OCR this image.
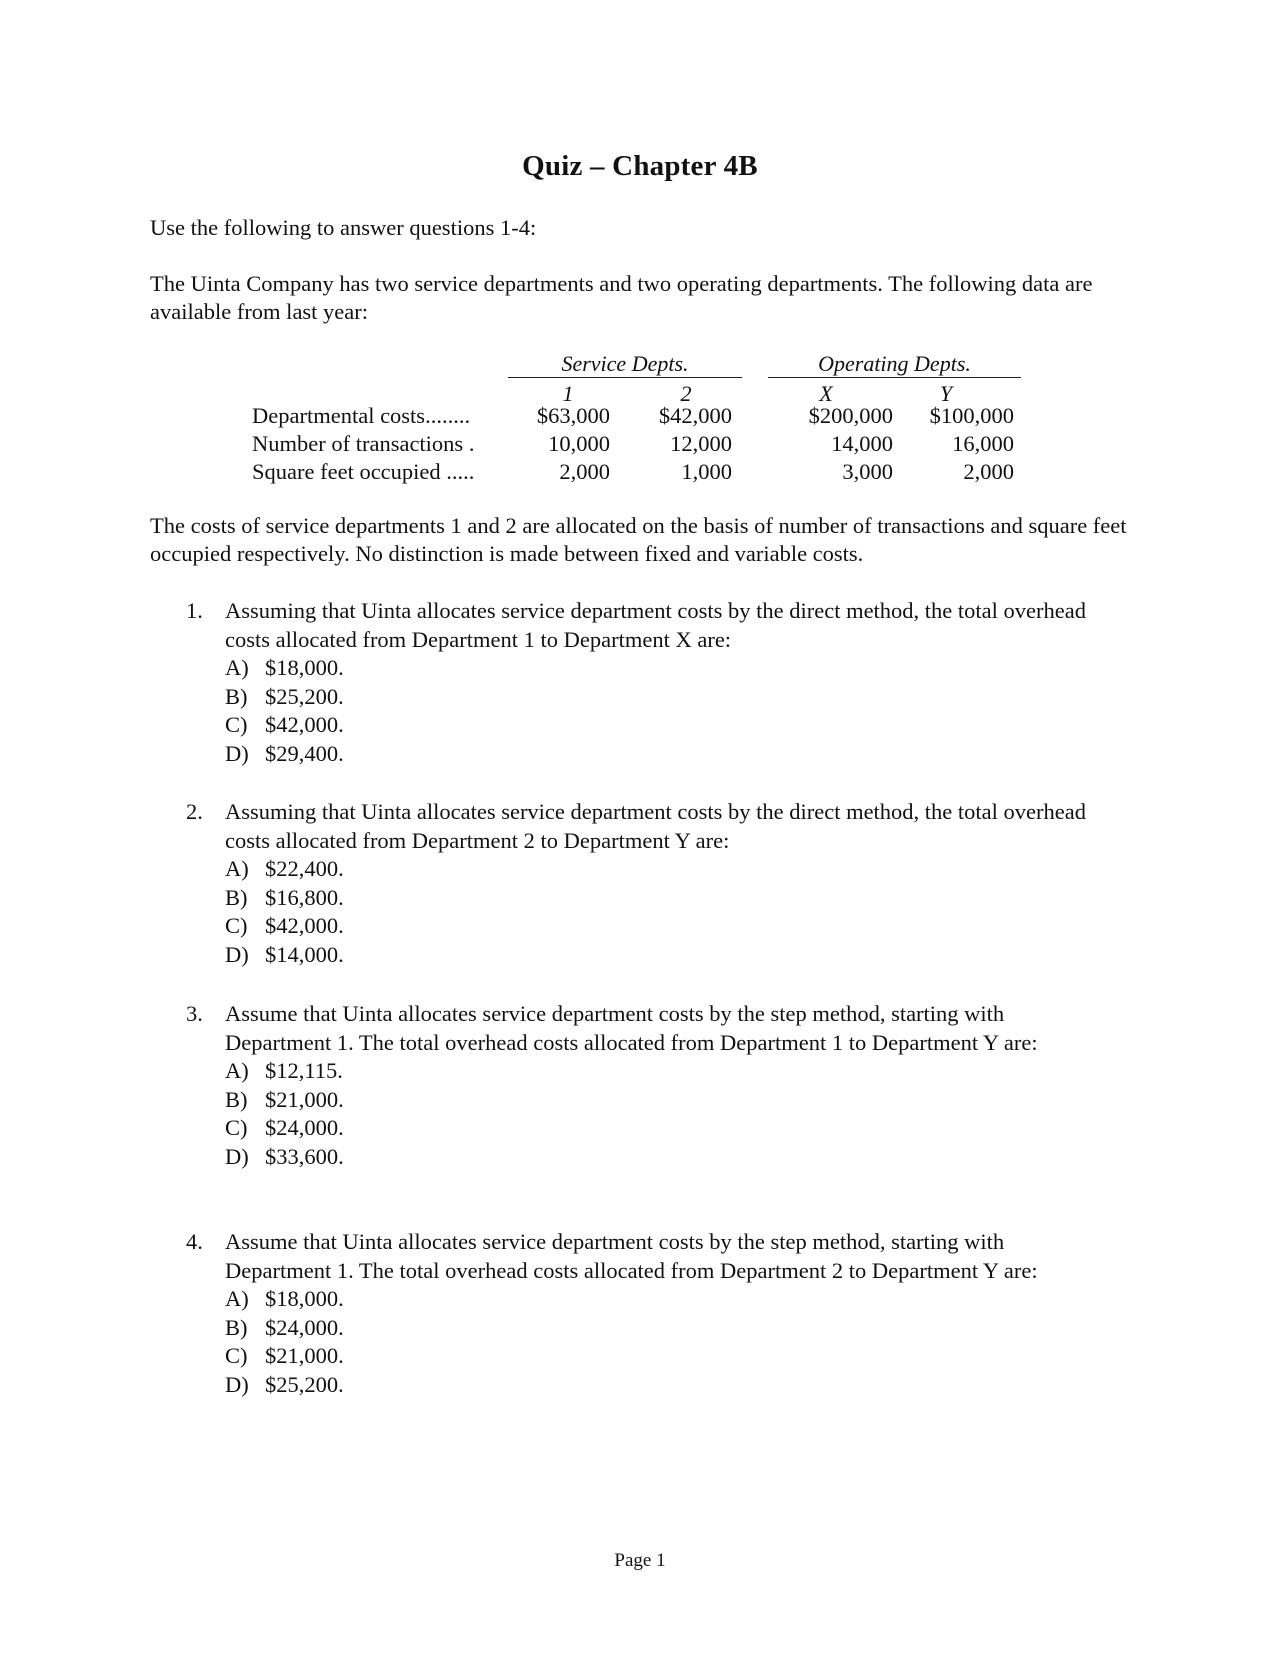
Quiz – Chapter 4B
Use the following to answer questions 1-4:
The Uinta Company has two service departments and two operating departments. The following data are available from last year:
Service Depts.	Operating Depts.
1	2	X	Y
Departmental costs........	$63,000 $42,000	$200,000 $100,000
Number of transactions .	10,000	12,000	14,000	16,000
Square feet occupied .....	2,000	1,000	3,000	2,000
The costs of service departments 1 and 2 are allocated on the basis of number of transactions and square feet occupied respectively. No distinction is made between fixed and variable costs.
1. Assuming that Uinta allocates service department costs by the direct method, the total overhead costs allocated from Department 1 to Department X are:
A) $18,000.
B) $25,200.
C) $42,000.
D) $29,400.
2. Assuming that Uinta allocates service department costs by the direct method, the total overhead costs allocated from Department 2 to Department Y are:
A) $22,400.
B) $16,800.
C) $42,000.
D) $14,000.
3. Assume that Uinta allocates service department costs by the step method, starting with Department 1. The total overhead costs allocated from Department 1 to Department Y are:
A) $12,115.
B) $21,000.
C) $24,000.
D) $33,600.
4. Assume that Uinta allocates service department costs by the step method, starting with Department 1. The total overhead costs allocated from Department 2 to Department Y are:
A) $18,000.
B) $24,000.
C) $21,000.
D) $25,200.
Page 1
